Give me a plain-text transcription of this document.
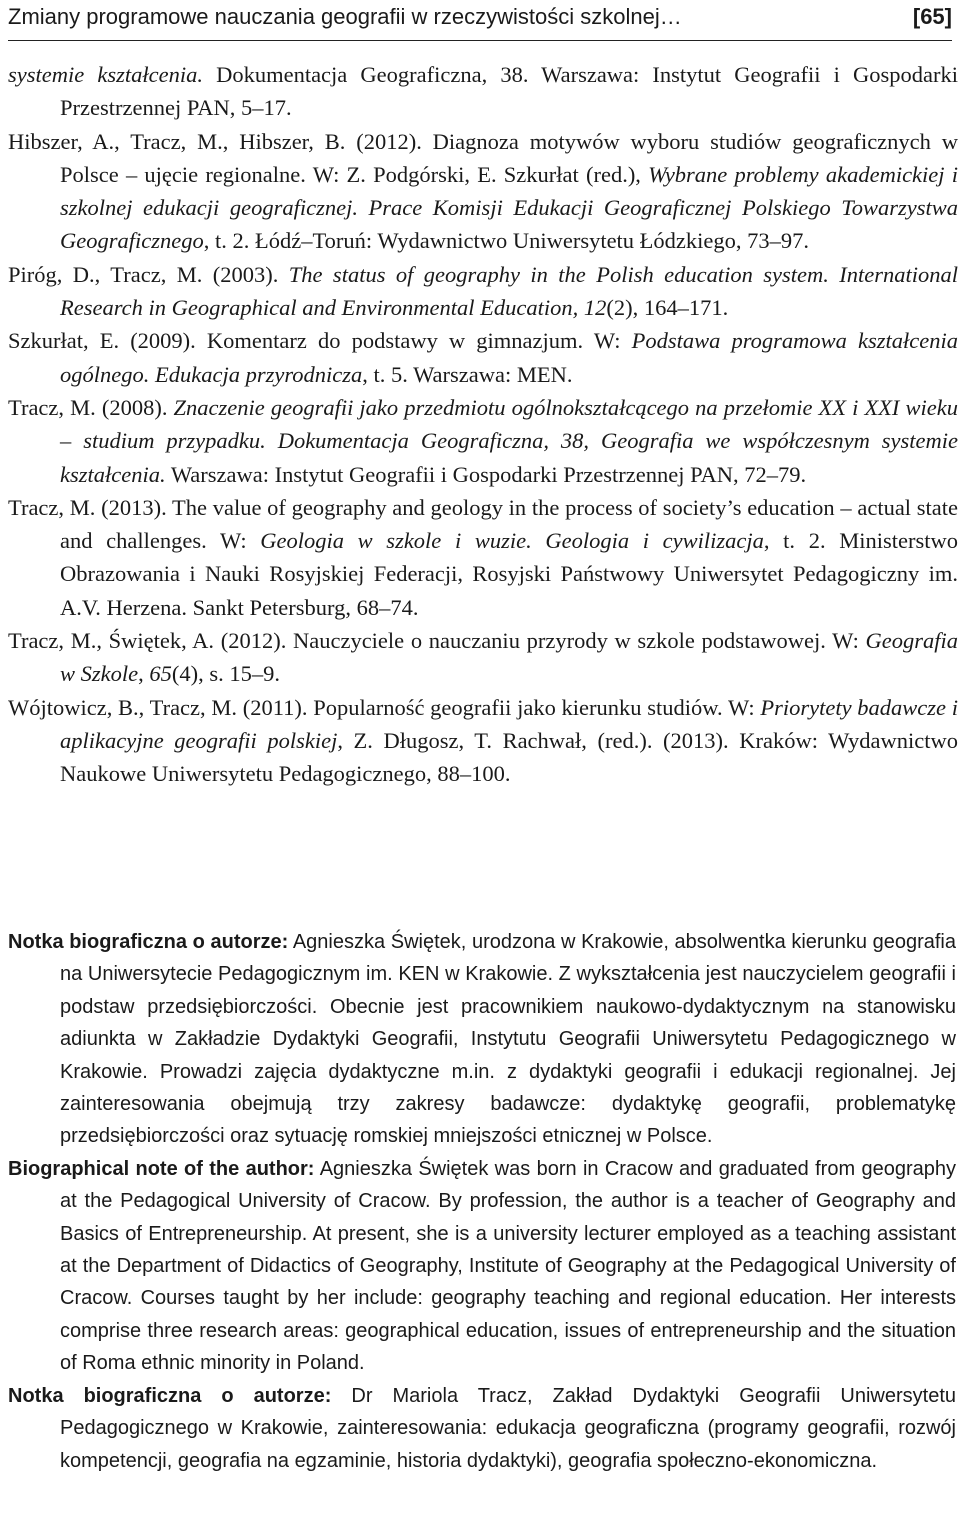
Zmiany programowe nauczania geografii w rzeczywistości szkolnej…	[65]

systemie kształcenia. Dokumentacja Geograficzna, 38. Warszawa: Instytut Geografii i Gospodarki Przestrzennej PAN, 5–17.

Hibszer, A., Tracz, M., Hibszer, B. (2012). Diagnoza motywów wyboru studiów geograficznych w Polsce – ujęcie regionalne. W: Z. Podgórski, E. Szkurłat (red.), Wybrane problemy akademickiej i szkolnej edukacji geograficznej. Prace Komisji Edukacji Geograficznej Polskiego Towarzystwa Geograficznego, t. 2. Łódź–Toruń: Wydawnictwo Uniwersytetu Łódzkiego, 73–97.

Piróg, D., Tracz, M. (2003). The status of geography in the Polish education system. International Research in Geographical and Environmental Education, 12(2), 164–171.

Szkurłat, E. (2009). Komentarz do podstawy w gimnazjum. W: Podstawa programowa kształcenia ogólnego. Edukacja przyrodnicza, t. 5. Warszawa: MEN.

Tracz, M. (2008). Znaczenie geografii jako przedmiotu ogólnokształcącego na przełomie XX i XXI wieku – studium przypadku. Dokumentacja Geograficzna, 38, Geografia we współczesnym systemie kształcenia. Warszawa: Instytut Geografii i Gospodarki Przestrzennej PAN, 72–79.

Tracz, M. (2013). The value of geography and geology in the process of society’s education – actual state and challenges. W: Geologia w szkole i wuzie. Geologia i cywilizacja, t. 2. Ministerstwo Obrazowania i Nauki Rosyjskiej Federacji, Rosyjski Państwowy Uniwersytet Pedagogiczny im. A.V. Herzena. Sankt Petersburg, 68–74.

Tracz, M., Świętek, A. (2012). Nauczyciele o nauczaniu przyrody w szkole podstawowej. W: Geografia w Szkole, 65(4), s. 15–9.

Wójtowicz, B., Tracz, M. (2011). Popularność geografii jako kierunku studiów. W: Priorytety badawcze i aplikacyjne geografii polskiej, Z. Długosz, T. Rachwał, (red.). (2013). Kraków: Wydawnictwo Naukowe Uniwersytetu Pedagogicznego, 88–100.

Notka biograficzna o autorze: Agnieszka Świętek, urodzona w Krakowie, absolwentka kierunku geografia na Uniwersytecie Pedagogicznym im. KEN w Krakowie. Z wykształcenia jest nauczycielem geografii i podstaw przedsiębiorczości. Obecnie jest pracownikiem naukowo-dydaktycznym na stanowisku adiunkta w Zakładzie Dydaktyki Geografii, Instytutu Geografii Uniwersytetu Pedagogicznego w Krakowie. Prowadzi zajęcia dydaktyczne m.in. z dydaktyki geografii i edukacji regionalnej. Jej zainteresowania obejmują trzy zakresy badawcze: dydaktykę geografii, problematykę przedsiębiorczości oraz sytuację romskiej mniejszości etnicznej w Polsce.

Biographical note of the author: Agnieszka Świętek was born in Cracow and graduated from geography at the Pedagogical University of Cracow. By profession, the author is a teacher of Geography and Basics of Entrepreneurship. At present, she is a university lecturer employed as a teaching assistant at the Department of Didactics of Geography, Institute of Geography at the Pedagogical University of Cracow. Courses taught by her include: geography teaching and regional education. Her interests comprise three research areas: geographical education, issues of entrepreneurship and the situation of Roma ethnic minority in Poland.

Notka biograficzna o autorze: Dr Mariola Tracz, Zakład Dydaktyki Geografii Uniwersytetu Pedagogicznego w Krakowie, zainteresowania: edukacja geograficzna (programy geografii, rozwój kompetencji, geografia na egzaminie, historia dydaktyki), geografia społeczno-ekonomiczna.
